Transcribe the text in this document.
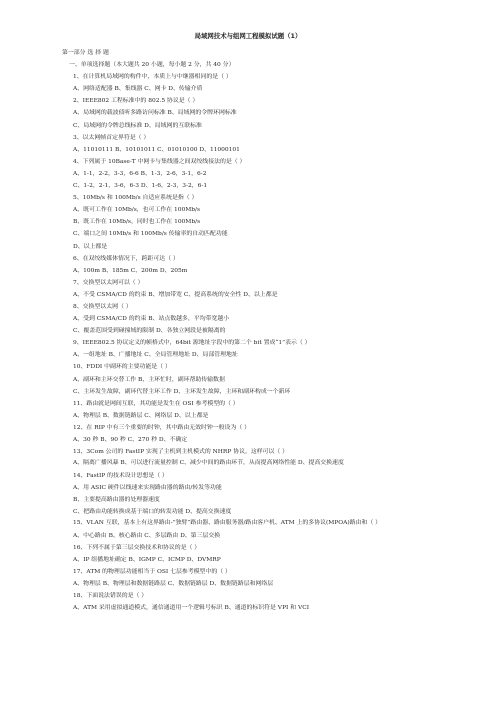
局域网技术与组网工程模拟试题（1）
第一部分 选 择 题
一、单项选择题（本大题共 20 小题，每小题 2 分，共 40 分）
1、在计算机局域网的构件中，本质上与中继器相同的是（ ）
A、网络适配器 B、集线器 C、网卡 D、传输介质
2、IEEE802 工程标准中的 802.5 协议是（ ）
A、局域网的载波侦听多路访问标准 B、局域网的令牌环网标准
C、局域网的令牌总线标准 D、局域网的互联标准
3、以太网帧首定界符是（ ）
A、11010111 B、10101011 C、01010100 D、11000101
4、下列属于 10Base-T 中网卡与集线器之间双绞线接法的是（ ）
A、1-1，2-2，3-3，6-6 B、1-3，2-6，3-1，6-2
C、1-2，2-1，3-6，6-3 D、1-6，2-3，3-2，6-1
5、10Mb/s 和 100Mb/s 自适应系统是指（ ）
A、既可工作在 10Mb/s，也可工作在 100Mb/s
B、既工作在 10Mb/s，同时也工作在 100Mb/s
C、端口之间 10Mb/s 和 100Mb/s 传输率的自动匹配功能
D、以上都是
6、在双绞线媒体情况下，跨距可达（ ）
A、100m B、185m C、200m D、205m
7、交换型以太网可以（ ）
A、不受 CSMA/CD 的约束 B、增加带宽 C、提高系统的安全性 D、以上都是
8、交换型以太网（ ）
A、受到 CSMA/CD 的约束 B、站点数越多，平均带宽越小
C、覆盖范围受到碰撞域的限制 D、各独立网段是被隔离的
9、IEEE802.5 协议定义的帧格式中，64bit 源地址字段中的第二个 bit 置成“1”表示（ ）
A、一组地址 B、广播地址 C、全局管理地址 D、局部管理地址
10、FDDI 中副环的主要功能是（ ）
A、副环和主环交替工作 B、主环忙时，副环帮助传输数据
C、主环发生故障，副环代替主环工作 D、主环发生故障，主环和副环构成一个新环
11、路由就是网间互联，其功能是发生在 OSI 参考模型的（ ）
A、物理层 B、数据链路层 C、网络层 D、以上都是
12、在 RIP 中有三个重要的时钟，其中路由无效时钟一般设为（ ）
A、30 秒 B、90 秒 C、270 秒 D、不确定
13、3Com 公司的 FastIP 实现了主机到主机模式的 NHRP 协议，这样可以（ ）
A、隔离广播风暴 B、可以进行流量控制 C、减少中间的路由环节，从而提高网络性能 D、提高交换速度
14、FastIP 的技术设计思想是（ ）
A、用 ASIC 硬件以线速来实现路由器的路由/转发等功能
B、主要提高路由器的处理器速度
C、把路由功能转换成基于端口的转发功能 D、提高交换速度
15、VLAN 互联，基本上有这界路由-”独臂”路由器、路由服务器/路由客户机、ATM 上的多协议(MPOA)路由和（ ）
A、中心路由 B、核心路由 C、多层路由 D、第三层交换
16、下列不属于第三层交换技术和协议的是（ ）
A、IP 组播地址确定 B、IGMP C、ICMP D、DVMRP
17、ATM 的物理层功能相当于 OSI 七层参考模型中的（ ）
A、物理层 B、物理层和数据链路层 C、数据链路层 D、数据链路层和网络层
18、下面说法错误的是（ ）
A、ATM 采用虚拟通道模式，通信通道用一个逻辑号标识 B、通道的标识符是 VPI 和 VCI
